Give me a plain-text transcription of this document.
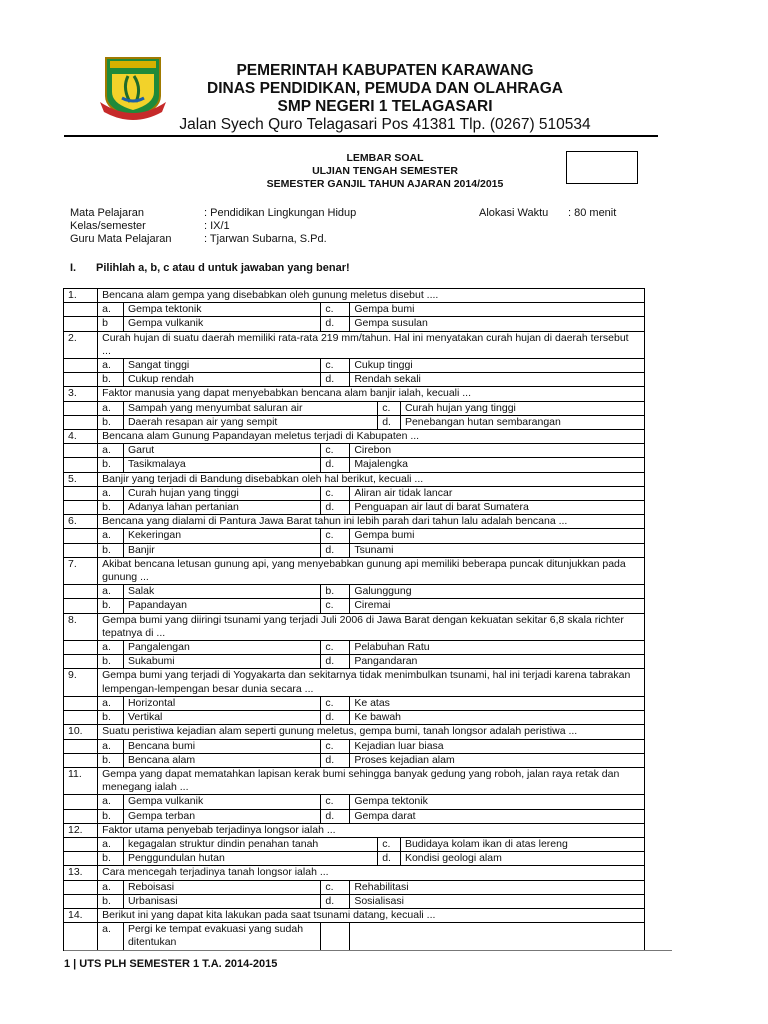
PEMERINTAH KABUPATEN KARAWANG
DINAS PENDIDIKAN, PEMUDA DAN OLAHRAGA
SMP NEGERI 1 TELAGASARI
Jalan Syech Quro Telagasari Pos 41381 Tlp. (0267) 510534
LEMBAR SOAL
ULJIAN TENGAH SEMESTER
SEMESTER GANJIL TAHUN AJARAN 2014/2015
Mata Pelajaran	: Pendidikan Lingkungan Hidup
Kelas/semester	: IX/1
Guru Mata Pelajaran	: Tjarwan Subarna, S.Pd.
Alokasi Waktu : 80 menit
I. Pilihlah a, b, c atau d untuk jawaban yang benar!
1.	Bencana alam gempa yang disebabkan oleh gunung meletus disebut ....					
	a.	Gempa tektonik	c.	Gempa bumi		
	b	Gempa vulkanik	d.	Gempa susulan		
2.	Curah hujan di suatu daerah memiliki rata-rata 219 mm/tahun. Hal ini menyatakan curah hujan di daerah tersebut ...					
	a.	Sangat tinggi	c.	Cukup tinggi		
	b.	Cukup rendah	d.	Rendah sekali		
3.	Faktor manusia yang dapat menyebabkan bencana alam banjir ialah, kecuali ...					
	a.	Sampah yang menyumbat saluran air			c.	Curah hujan yang tinggi
	b.	Daerah resapan air yang sempit			d.	Penebangan hutan sembarangan
4.	Bencana alam Gunung Papandayan meletus terjadi di Kabupaten ...					
	a.	Garut	c.	Cirebon		
	b.	Tasikmalaya	d.	Majalengka		
5.	Banjir yang terjadi di Bandung disebabkan oleh hal berikut, kecuali ...					
	a.	Curah hujan yang tinggi	c.	Aliran air tidak lancar		
	b.	Adanya lahan pertanian	d.	Penguapan air laut di barat Sumatera		
6.	Bencana yang dialami di Pantura Jawa Barat tahun ini lebih parah dari tahun lalu adalah bencana ...					
	a.	Kekeringan	c.	Gempa bumi		
	b.	Banjir	d.	Tsunami		
7.	Akibat bencana letusan gunung api, yang menyebabkan gunung api memiliki beberapa puncak ditunjukkan pada gunung ...					
	a.	Salak	b.	Galunggung		
	b.	Papandayan	c.	Ciremai		
8.	Gempa bumi yang diiringi tsunami yang terjadi Juli 2006 di Jawa Barat dengan kekuatan sekitar 6,8 skala richter tepatnya di ...					
	a.	Pangalengan	c.	Pelabuhan Ratu		
	b.	Sukabumi	d.	Pangandaran		
9.	Gempa bumi yang terjadi di Yogyakarta dan sekitarnya tidak menimbulkan tsunami, hal ini terjadi karena tabrakan lempengan-lempengan besar dunia secara ...					
	a.	Horizontal	c.	Ke atas		
	b.	Vertikal	d.	Ke bawah		
10.	Suatu peristiwa kejadian alam seperti gunung meletus, gempa bumi, tanah longsor adalah peristiwa ...					
	a.	Bencana bumi	c.	Kejadian luar biasa		
	b.	Bencana alam	d.	Proses kejadian alam		
11.	Gempa yang dapat mematahkan lapisan kerak bumi sehingga banyak gedung yang roboh, jalan raya retak dan menegang ialah ...					
	a.	Gempa vulkanik	c.	Gempa tektonik		
	b.	Gempa terban	d.	Gempa darat		
12.	Faktor utama penyebab terjadinya longsor ialah ...					
	a.	kegagalan struktur dindin penahan tanah			c.	Budidaya kolam ikan di atas lereng
	b.	Penggundulan hutan			d.	Kondisi geologi alam
13.	Cara mencegah terjadinya tanah longsor ialah ...					
	a.	Reboisasi	c.	Rehabilitasi		
	b.	Urbanisasi	d.	Sosialisasi		
14.	Berikut ini yang dapat kita lakukan pada saat tsunami datang, kecuali ...					
	a.	Pergi ke tempat evakuasi yang sudah ditentukan				
1 | UTS PLH SEMESTER 1 T.A. 2014-2015
